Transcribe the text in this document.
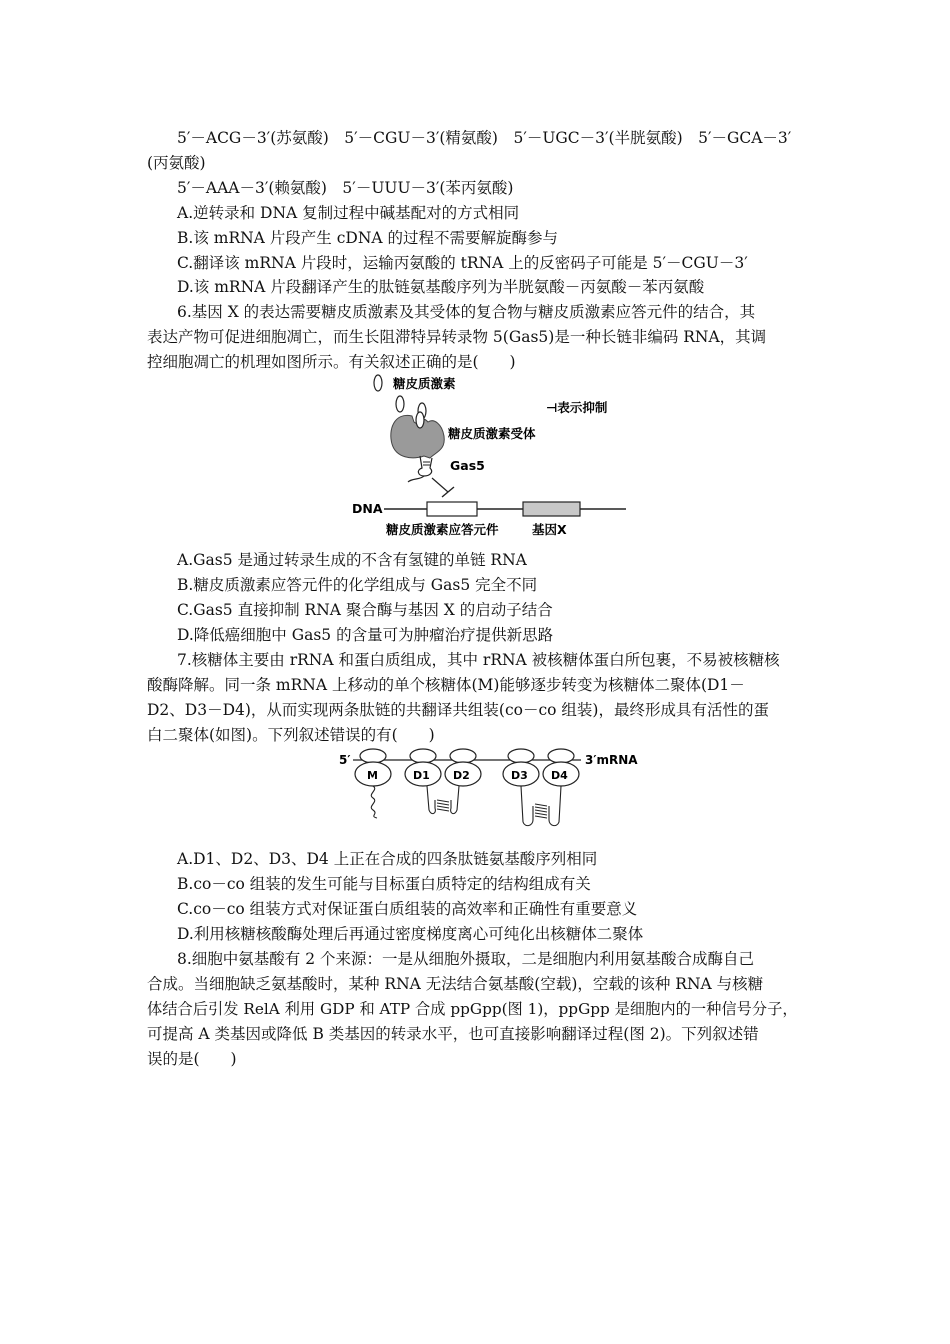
5′－ACG－3′(苏氨酸)　5′－CGU－3′(精氨酸)　5′－UGC－3′(半胱氨酸)　5′－GCA－3′
(丙氨酸)
5′－AAA－3′(赖氨酸)　5′－UUU－3′(苯丙氨酸)
A.逆转录和 DNA 复制过程中碱基配对的方式相同
B.该 mRNA 片段产生 cDNA 的过程不需要解旋酶参与
C.翻译该 mRNA 片段时，运输丙氨酸的 tRNA 上的反密码子可能是 5′－CGU－3′
D.该 mRNA 片段翻译产生的肽链氨基酸序列为半胱氨酸－丙氨酸－苯丙氨酸
6.基因 X 的表达需要糖皮质激素及其受体的复合物与糖皮质激素应答元件的结合，其
表达产物可促进细胞凋亡，而生长阻滞特异转录物 5(Gas5)是一种长链非编码 RNA，其调
控细胞凋亡的机理如图所示。有关叙述正确的是(　　)
糖皮质激素
⊣表示抑制
糖皮质激素受体
Gas5
DNA
糖皮质激素应答元件	基因X
A.Gas5 是通过转录生成的不含有氢键的单链 RNA
B.糖皮质激素应答元件的化学组成与 Gas5 完全不同
C.Gas5 直接抑制 RNA 聚合酶与基因 X 的启动子结合
D.降低癌细胞中 Gas5 的含量可为肿瘤治疗提供新思路
7.核糖体主要由 rRNA 和蛋白质组成，其中 rRNA 被核糖体蛋白所包裹，不易被核糖核
酸酶降解。同一条 mRNA 上移动的单个核糖体(M)能够逐步转变为核糖体二聚体(D1－
D2、D3－D4)，从而实现两条肽链的共翻译共组装(co－co 组装)，最终形成具有活性的蛋
白二聚体(如图)。下列叙述错误的有(　　)
5′	3′mRNA
M	D1 D2	D3 D4
A.D1、D2、D3、D4 上正在合成的四条肽链氨基酸序列相同
B.co－co 组装的发生可能与目标蛋白质特定的结构组成有关
C.co－co 组装方式对保证蛋白质组装的高效率和正确性有重要意义
D.利用核糖核酸酶处理后再通过密度梯度离心可纯化出核糖体二聚体
8.细胞中氨基酸有 2 个来源：一是从细胞外摄取，二是细胞内利用氨基酸合成酶自己
合成。当细胞缺乏氨基酸时，某种 RNA 无法结合氨基酸(空载)，空载的该种 RNA 与核糖
体结合后引发 RelA 利用 GDP 和 ATP 合成 ppGpp(图 1)，ppGpp 是细胞内的一种信号分子，
可提高 A 类基因或降低 B 类基因的转录水平，也可直接影响翻译过程(图 2)。下列叙述错
误的是(　　)
